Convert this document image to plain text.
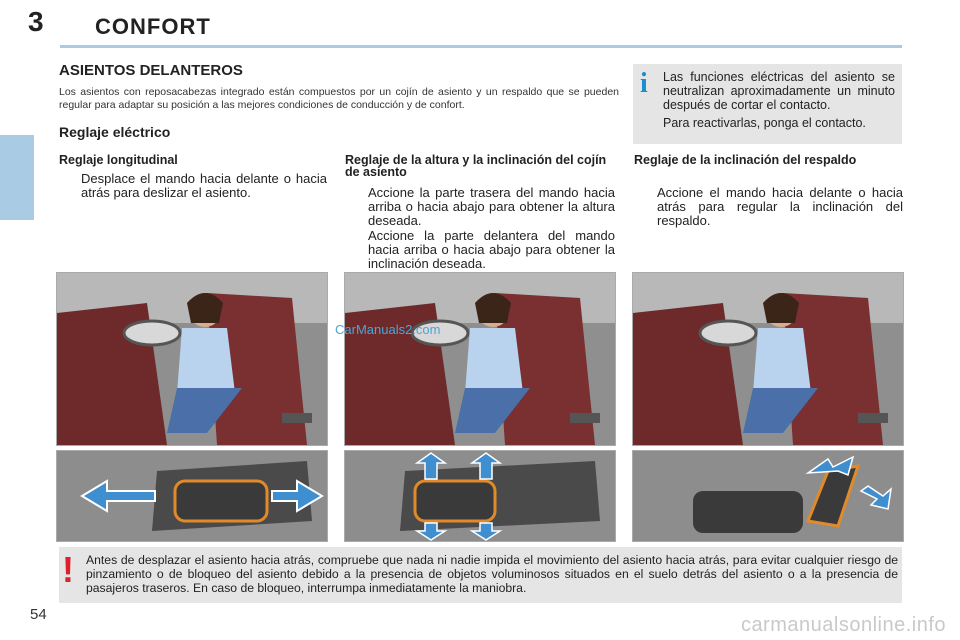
3 CONFORT
ASIENTOS DELANTEROS
Los asientos con reposacabezas integrado están compuestos por un cojín de asiento y un respaldo que se pueden regular para adaptar su posición a las mejores condiciones de conducción y de confort.
Reglaje eléctrico
i Las funciones eléctricas del asiento se neutralizan aproximadamente un minuto después de cortar el contacto.

Para reactivarlas, ponga el contacto.

Reglaje longitudinal
Desplace el mando hacia delante o hacia atrás para deslizar el asiento.
Reglaje de la altura y la inclinación del cojín de asiento
Accione la parte trasera del mando hacia arriba o hacia abajo para obtener la altura deseada.
Accione la parte delantera del mando hacia arriba o hacia abajo para obtener la inclinación deseada.
Reglaje de la inclinación del respaldo
Accione el mando hacia delante o hacia atrás para regular la inclinación del respaldo.
CarManuals2.com
! Antes de desplazar el asiento hacia atrás, compruebe que nada ni nadie impida el movimiento del asiento hacia atrás, para evitar cualquier riesgo de pinzamiento o de bloqueo del asiento debido a la presencia de objetos voluminosos situados en el suelo detrás del asiento o a la presencia de pasajeros traseros. En caso de bloqueo, interrumpa inmediatamente la maniobra.
54	carmanualsonline.info
